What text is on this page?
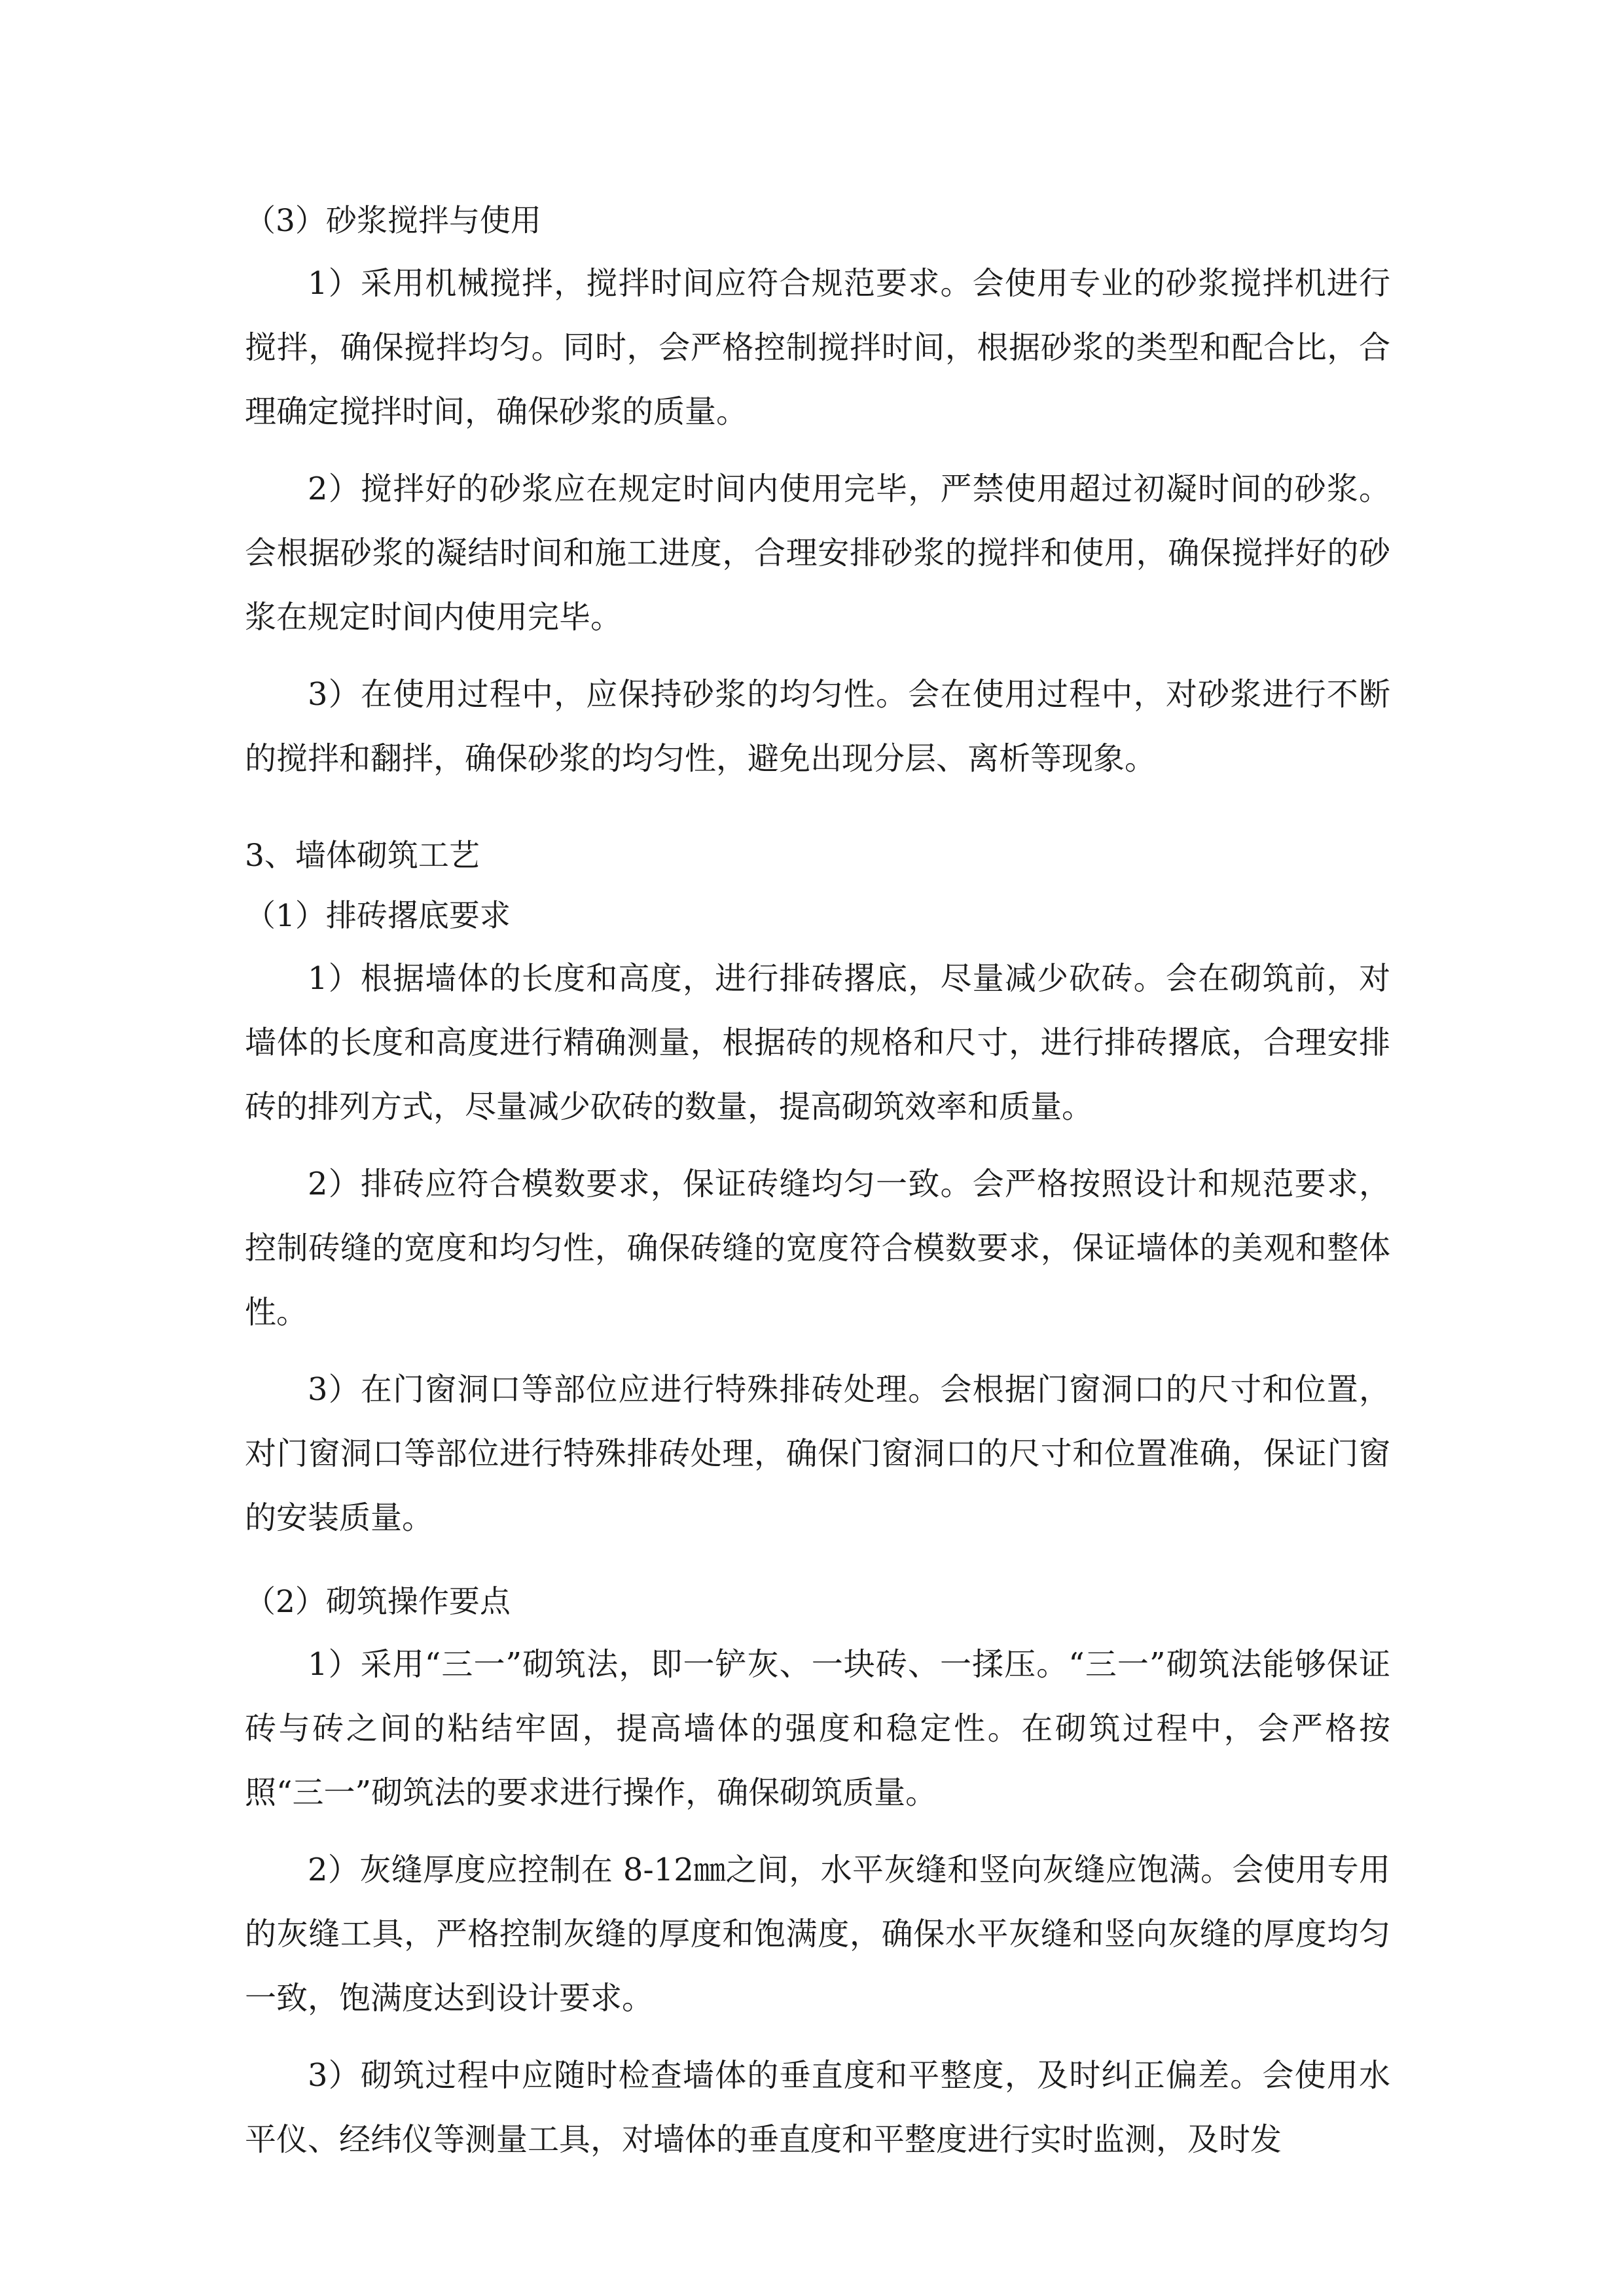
（3）砂浆搅拌与使用

1）采用机械搅拌，搅拌时间应符合规范要求。会使用专业的砂浆搅拌机进行搅拌，确保搅拌均匀。同时，会严格控制搅拌时间，根据砂浆的类型和配合比，合理确定搅拌时间，确保砂浆的质量。

2）搅拌好的砂浆应在规定时间内使用完毕，严禁使用超过初凝时间的砂浆。会根据砂浆的凝结时间和施工进度，合理安排砂浆的搅拌和使用，确保搅拌好的砂浆在规定时间内使用完毕。

3）在使用过程中，应保持砂浆的均匀性。会在使用过程中，对砂浆进行不断的搅拌和翻拌，确保砂浆的均匀性，避免出现分层、离析等现象。

3、墙体砌筑工艺

（1）排砖撂底要求

1）根据墙体的长度和高度，进行排砖撂底，尽量减少砍砖。会在砌筑前，对墙体的长度和高度进行精确测量，根据砖的规格和尺寸，进行排砖撂底，合理安排砖的排列方式，尽量减少砍砖的数量，提高砌筑效率和质量。

2）排砖应符合模数要求，保证砖缝均匀一致。会严格按照设计和规范要求，控制砖缝的宽度和均匀性，确保砖缝的宽度符合模数要求，保证墙体的美观和整体性。

3）在门窗洞口等部位应进行特殊排砖处理。会根据门窗洞口的尺寸和位置，对门窗洞口等部位进行特殊排砖处理，确保门窗洞口的尺寸和位置准确，保证门窗的安装质量。

（2）砌筑操作要点

1）采用“三一”砌筑法，即一铲灰、一块砖、一揉压。“三一”砌筑法能够保证砖与砖之间的粘结牢固，提高墙体的强度和稳定性。在砌筑过程中，会严格按照“三一”砌筑法的要求进行操作，确保砌筑质量。

2）灰缝厚度应控制在 8-12㎜之间，水平灰缝和竖向灰缝应饱满。会使用专用的灰缝工具，严格控制灰缝的厚度和饱满度，确保水平灰缝和竖向灰缝的厚度均匀一致，饱满度达到设计要求。

3）砌筑过程中应随时检查墙体的垂直度和平整度，及时纠正偏差。会使用水平仪、经纬仪等测量工具，对墙体的垂直度和平整度进行实时监测，及时发
